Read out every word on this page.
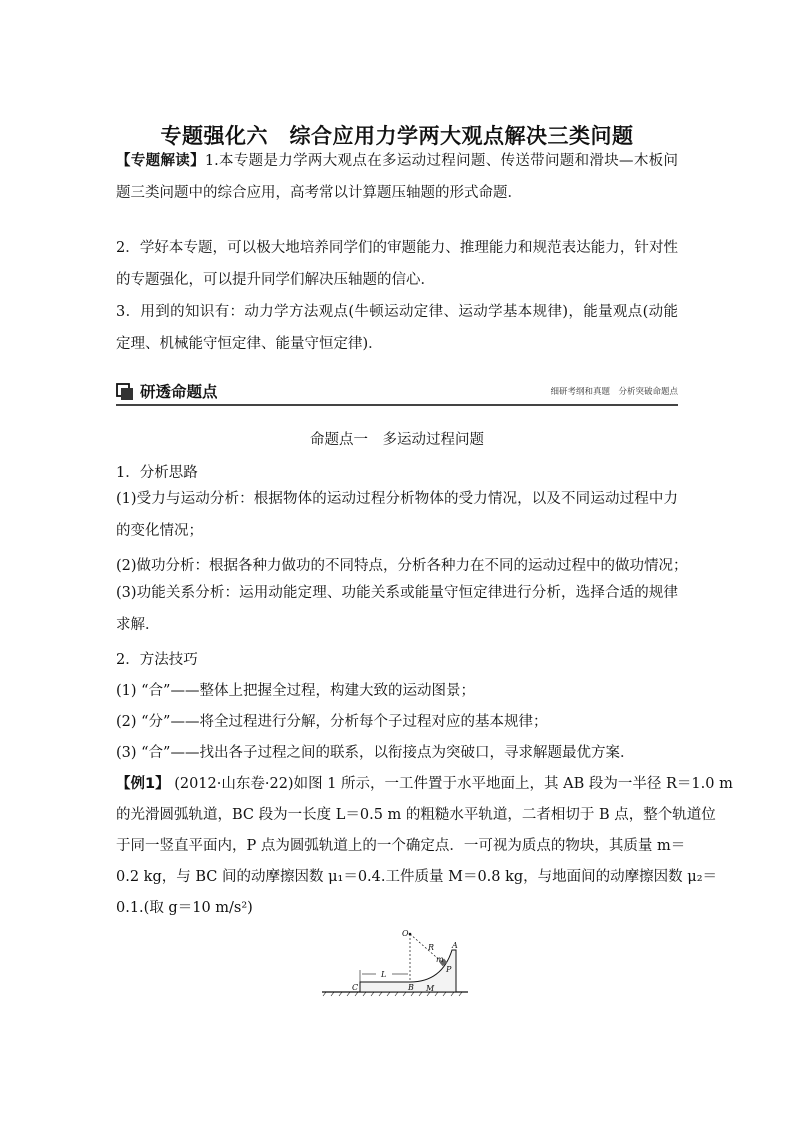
专题强化六　综合应用力学两大观点解决三类问题
【专题解读】1.本专题是力学两大观点在多运动过程问题、传送带问题和滑块—木板问题三类问题中的综合应用，高考常以计算题压轴题的形式命题．
2．学好本专题，可以极大地培养同学们的审题能力、推理能力和规范表达能力，针对性的专题强化，可以提升同学们解决压轴题的信心．
3．用到的知识有：动力学方法观点(牛顿运动定律、运动学基本规律)，能量观点(动能定理、机械能守恒定律、能量守恒定律)．
研透命题点	细研考纲和真题　分析突破命题点
命题点一　多运动过程问题
1．分析思路
(1)受力与运动分析：根据物体的运动过程分析物体的受力情况，以及不同运动过程中力的变化情况；
(2)做功分析：根据各种力做功的不同特点，分析各种力在不同的运动过程中的做功情况；
(3)功能关系分析：运用动能定理、功能关系或能量守恒定律进行分析，选择合适的规律求解．
2．方法技巧
(1) “合”——整体上把握全过程，构建大致的运动图景；
(2) “分”——将全过程进行分解，分析每个子过程对应的基本规律；
(3) “合”——找出各子过程之间的联系，以衔接点为突破口，寻求解题最优方案．
【例1】 (2012·山东卷·22)如图 1 所示，一工件置于水平地面上，其 AB 段为一半径 R＝1.0 m
的光滑圆弧轨道，BC 段为一长度 L＝0.5 m 的粗糙水平轨道，二者相切于 B 点，整个轨道位
于同一竖直平面内，P 点为圆弧轨道上的一个确定点．一可视为质点的物块，其质量 m＝
0.2 kg，与 BC 间的动摩擦因数 μ₁＝0.4.工件质量 M＝0.8 kg，与地面间的动摩擦因数 μ₂＝
0.1.(取 g＝10 m/s²)
O
R A
m
P
L
B
C	M
